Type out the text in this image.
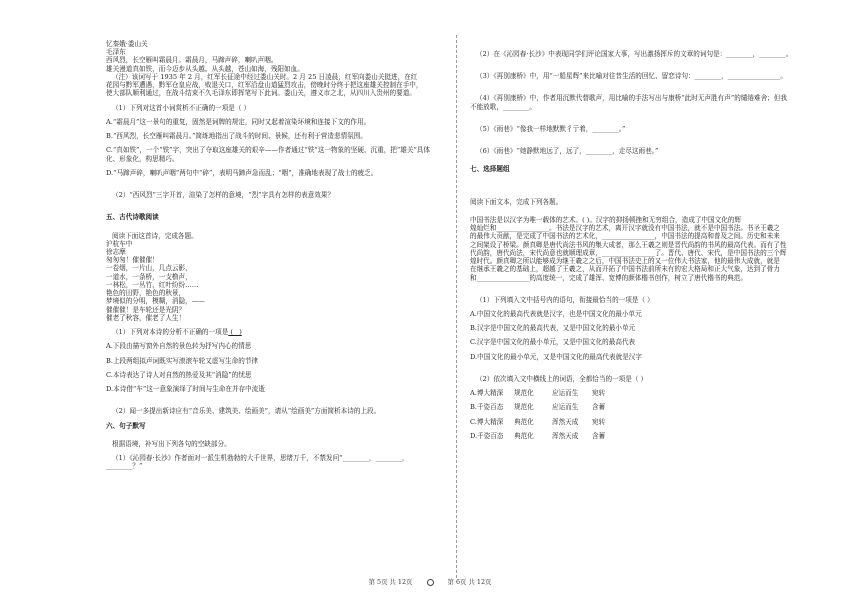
忆秦娥·娄山关
毛泽东
西风烈，长空雁叫霜晨月。霜晨月，马蹄声碎，喇叭声咽。
雄关漫道真如铁，而今迈步从头越。从头越，苍山如海，残阳如血。
（注）该词写于 1935 年 2 月，红军长征途中经过娄山关时。2 月 25 日凌晨，红军向娄山关挺进，在红
花园与黔军遭遇，黔军仓皇应战，败退关口，红军沿盘山道猛烈攻击，傍晚时分终于把这座雄关控制在手中，
使大部队顺利通过，在战斗结束不久毛泽东即挥笔写下此词。娄山关，遵义市之北，从四川入贵州的要道。
（1）下列对这首小词赏析不正确的一项是（ ）
A.“霜晨月”这一景句的重复，固然是词牌的规定，同时又起着渲染环境和连接下文的作用。
B.“西风烈，长空雁叫霜晨月。”简练地指出了战斗的时间、景候，还有利于营造悲情氛围。
C.“真如铁”，一个“铁”字，突出了夺取这座雄关的艰辛——作者通过“铁”这一物象的坚硬、沉重，把“雄关”具体
化、形象化，构思精巧。
D.“马蹄声碎，喇叭声咽”两句中“碎”，表明马蹄声急而乱；“咽”，准确地表现了战士的疲乏。
（2）“西风烈”三字开首，渲染了怎样的意境，“烈”字具有怎样的表意效果？
五、古代诗歌阅读
阅读下面这首诗，完成各题。
沪杭车中
徐志摩
匆匆匆！催催催！
一卷烟，一片山，几点云影，
一道水，一条桥，一支橹声，
一林松，一丛竹，红叶纷纷……
艳色的田野，艳色的秋景，
梦境似的分明，模糊，消隐，——
催催催！是车轮还是光阴？
催老了秋容，催老了人生！
（1）下列对本诗的分析不正确的一项是 (   )
A.下段由描写窗外自然的景色转为抒写内心的情思
B.上段两组拟声词既实写滚滚车轮又虚写生命的节律
C.本诗表达了诗人对自然的热爱及其“消隐”的忧思
D.本诗借“车”这一意象演绎了时间与生命在并存中流逝
（2）闻一多提出新诗应有“音乐美、建筑美、绘画美”，请从“绘画美”方面简析本诗的上段。
六、句子默写
根据语境，补写出下列各句的空缺部分。
（1）《沁园春·长沙》作者面对一派生机勃勃的大千世界，思绪万千，不禁发问“________，________，
________？”
（2）在《沁园春·长沙》中表现同学们评论国家大事，写出激扬挥斥的文章的词句是：________，________。
（3）《再别康桥》中，用“一船星辉”来比喻对往昔生活的回忆、留恋诗句：________，________________。
（4）《再别康桥》中，作者用沉默代替歌声，用比喻的手法写出与康桥“此时无声胜有声”的缱绻难舍；但我
不能放歌，________。
（5）《雨巷》“像我一样地默默彳亍着，________。”
（6）《雨巷》“她静默地远了，远了，________，走尽这雨巷。”
七、选择题组
阅读下面文本，完成下列各题。
中国书法是以汉字为唯一载体的艺术。( )。汉字的抑扬顿挫和无穷组合，造成了中国文化的辉
煌灿烂和________________。书法是汉字的艺术，离开汉字就没有中国书法，就不是中国书法。书圣王羲之
的最伟大贡献，是完成了中国书法的艺术化，________________，中国书法的提高和普及之间。历史和未来
之间架设了桥梁。颜真卿是唐代尚法书风的集大成者，那么王羲之则是晋代尚韵的书风的最高代表。而有了性
代尚韵，唐代尚法，宋代尚意也就顺理成章，________________了。晋代、唐代、宋代，是中国书法的三个辉
煌时代。颜真卿之所以能够成为继王羲之之后，中国书法史上的又一位伟大书法家，他的最伟大成就，就是
在继承王羲之的基础上，超越了王羲之，从而开拓了中国书法前所未有的宏大格局和正大气象，达到了骨力
和________________的高度统一，完成了雄浑、宽博的颜体楷书创作，树立了唐代楷书的典范。
（1）下列填入文中括号内的语句，衔接最恰当的一项是（ ）
A.中国文化的最高代表就是汉字，也是中国文化的最小单元
B.汉字是中国文化的最高代表，又是中国文化的最小单元
C.汉字是中国文化的最小单元，又是中国文化的最高代表
D.中国文化的最小单元，又是中国文化的最高代表就是汉字
（2）依次填入文中横线上的词语，全都恰当的一项是（ ）
A.博大精深 规范化	应运而生 宛转
B.千姿百态 规范化	应运而生 含蓄
C.博大精深 典范化	浑然天成 宛转
D.千姿百态 典范化	浑然天成 含蓄
第 5页 共 12页	第 6页 共 12页
